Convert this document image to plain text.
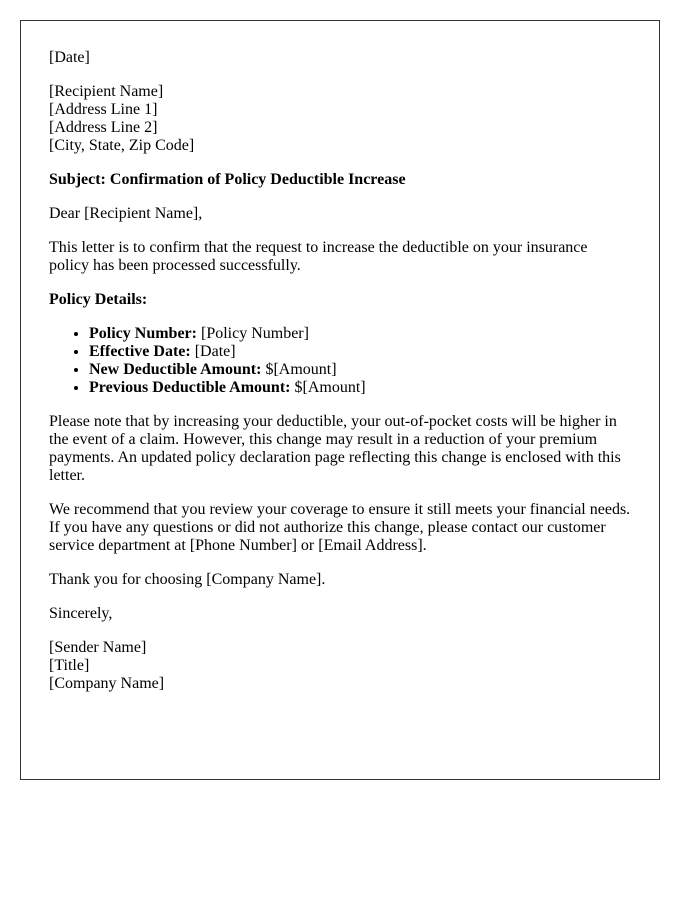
[Date]
[Recipient Name]
[Address Line 1]
[Address Line 2]
[City, State, Zip Code]
Subject: Confirmation of Policy Deductible Increase
Dear [Recipient Name],

This letter is to confirm that the request to increase the deductible on your insurance policy has been processed successfully.

Policy Details:
• Policy Number: [Policy Number]
• Effective Date: [Date]
• New Deductible Amount: $[Amount]
• Previous Deductible Amount: $[Amount]

Please note that by increasing your deductible, your out-of-pocket costs will be higher in the event of a claim. However, this change may result in a reduction of your premium payments. An updated policy declaration page reflecting this change is enclosed with this letter.

We recommend that you review your coverage to ensure it still meets your financial needs. If you have any questions or did not authorize this change, please contact our customer service department at [Phone Number] or [Email Address].

Thank you for choosing [Company Name].

Sincerely,

[Sender Name]
[Title]
[Company Name]
